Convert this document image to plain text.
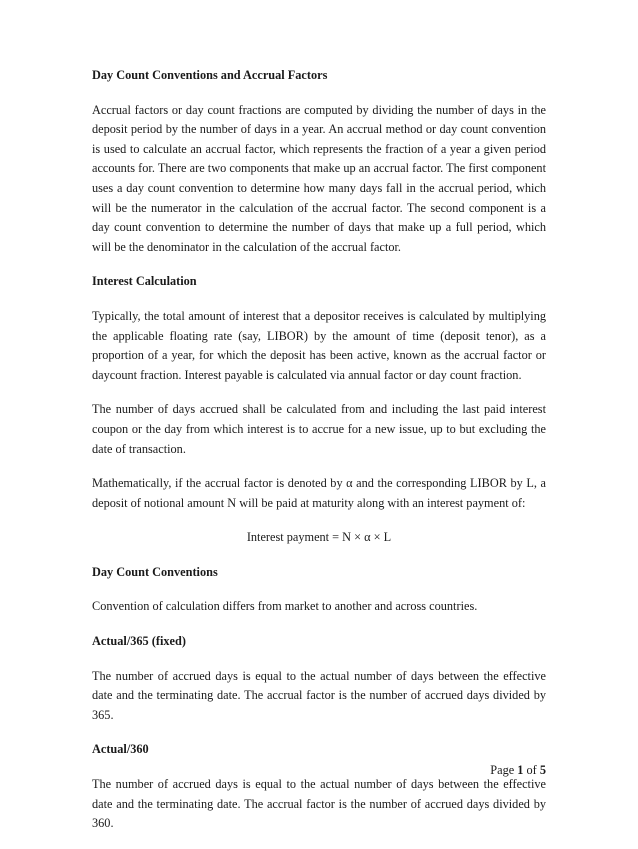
Day Count Conventions and Accrual Factors
Accrual factors or day count fractions are computed by dividing the number of days in the deposit period by the number of days in a year. An accrual method or day count convention is used to calculate an accrual factor, which represents the fraction of a year a given period accounts for. There are two components that make up an accrual factor. The first component uses a day count convention to determine how many days fall in the accrual period, which will be the numerator in the calculation of the accrual factor. The second component is a day count convention to determine the number of days that make up a full period, which will be the denominator in the calculation of the accrual factor.
Interest Calculation
Typically, the total amount of interest that a depositor receives is calculated by multiplying the applicable floating rate (say, LIBOR) by the amount of time (deposit tenor), as a proportion of a year, for which the deposit has been active, known as the accrual factor or daycount fraction. Interest payable is calculated via annual factor or day count fraction.
The number of days accrued shall be calculated from and including the last paid interest coupon or the day from which interest is to accrue for a new issue, up to but excluding the date of transaction.
Mathematically, if the accrual factor is denoted by α and the corresponding LIBOR by L, a deposit of notional amount N will be paid at maturity along with an interest payment of:
Interest payment = N × α × L
Day Count Conventions
Convention of calculation differs from market to another and across countries.
Actual/365 (fixed)
The number of accrued days is equal to the actual number of days between the effective date and the terminating date. The accrual factor is the number of accrued days divided by 365.
Actual/360
The number of accrued days is equal to the actual number of days between the effective date and the terminating date. The accrual factor is the number of accrued days divided by 360.
Page 1 of 5
